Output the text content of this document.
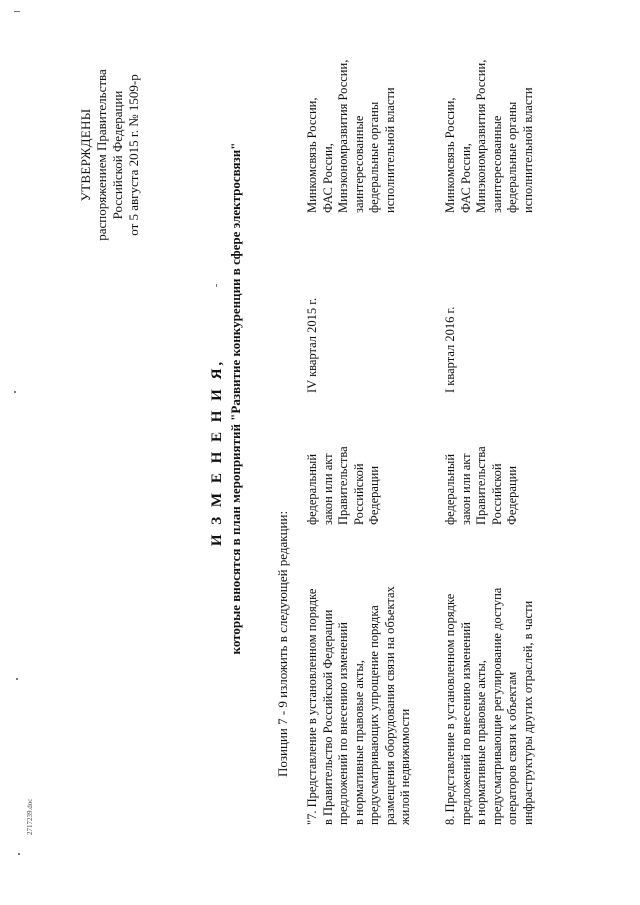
УТВЕРЖДЕНЫ распоряжением Правительства Российской Федерации от 5 августа 2015 г. № 1509-р
И З М Е Н Е Н И Я, которые вносятся в план мероприятий "Развитие конкуренции в сфере электросвязи" Позиции 7 - 9 изложить в следующей редакции: "7. Представление в установленном порядке в Правительство Российской Федерации предложений по внесению изменений в нормативные правовые акты, предусматривающих упрощение порядка размещения оборудования связи на объектах жилой недвижимости

федеральный закон или акт Правительства Российской Федерации

IV квартал 2015 г.

Минкомсвязь России, ФАС России, Минэкономразвития России, заинтересованные федеральные органы исполнительной власти

8. Представление в установленном порядке предложений по внесению изменений в нормативные правовые акты, предусматривающие регулирование доступа операторов связи к объектам инфраструктуры других отраслей, в части

федеральный закон или акт Правительства Российской Федерации

I квартал 2016 г.

Минкомсвязь России, ФАС России, Минэкономразвития России, заинтересованные федеральные органы исполнительной власти

2717239.doc
